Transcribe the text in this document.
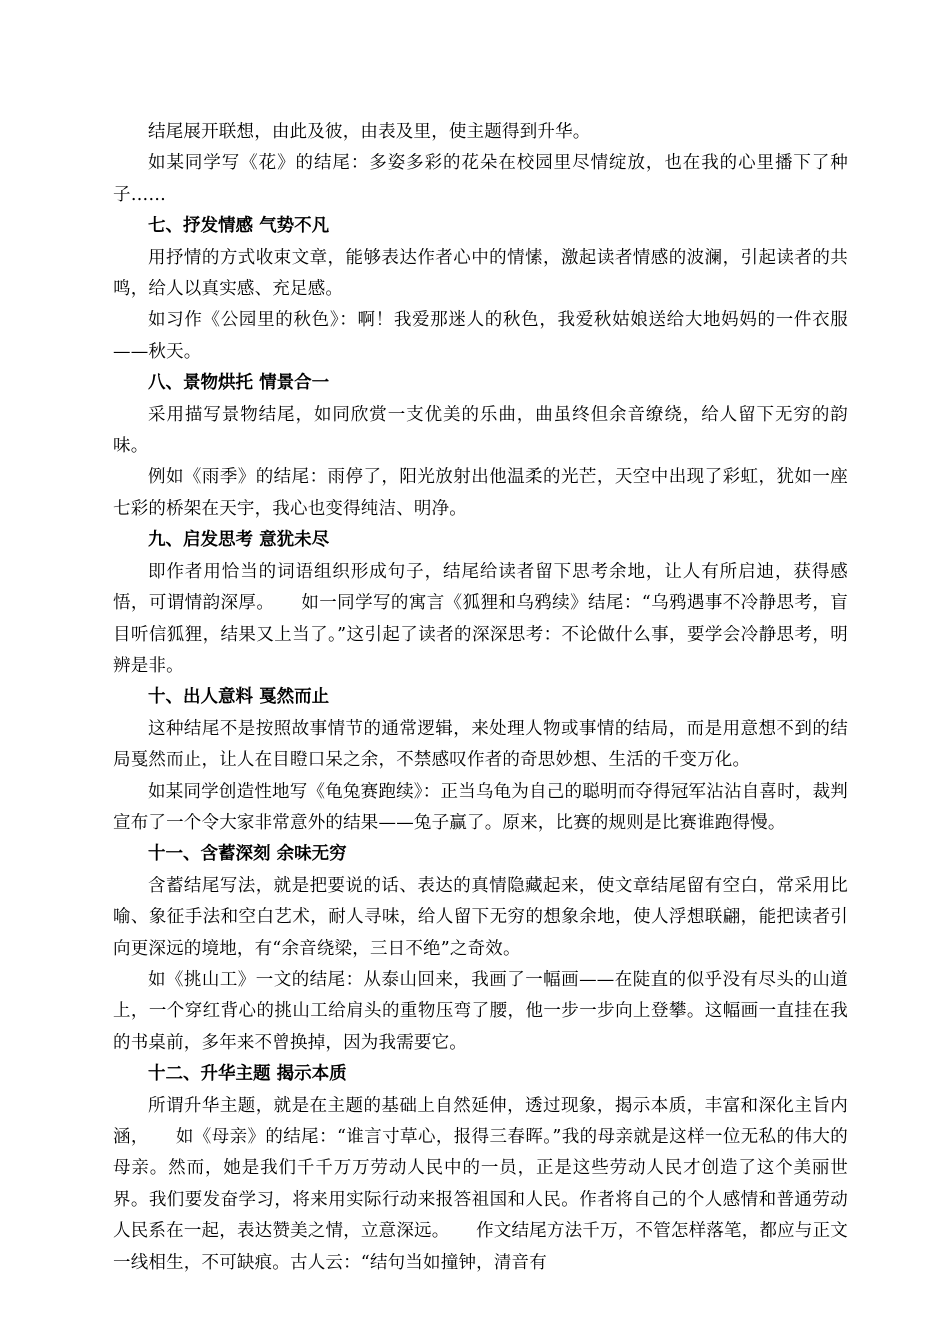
结尾展开联想，由此及彼，由表及里，使主题得到升华。

如某同学写《花》的结尾：多姿多彩的花朵在校园里尽情绽放，也在我的心里播下了种子……

七、抒发情感 气势不凡

用抒情的方式收束文章，能够表达作者心中的情愫，激起读者情感的波澜，引起读者的共鸣，给人以真实感、充足感。

如习作《公园里的秋色》：啊！我爱那迷人的秋色，我爱秋姑娘送给大地妈妈的一件衣服——秋天。

八、景物烘托 情景合一

采用描写景物结尾，如同欣赏一支优美的乐曲，曲虽终但余音缭绕，给人留下无穷的韵味。

例如《雨季》的结尾：雨停了，阳光放射出他温柔的光芒，天空中出现了彩虹，犹如一座七彩的桥架在天宇，我心也变得纯洁、明净。

九、启发思考 意犹未尽

即作者用恰当的词语组织形成句子，结尾给读者留下思考余地，让人有所启迪，获得感悟，可谓情韵深厚。　　如一同学写的寓言《狐狸和乌鸦续》结尾：“乌鸦遇事不冷静思考，盲目听信狐狸，结果又上当了。”这引起了读者的深深思考：不论做什么事，要学会冷静思考，明辨是非。

十、出人意料 戛然而止

这种结尾不是按照故事情节的通常逻辑，来处理人物或事情的结局，而是用意想不到的结局戛然而止，让人在目瞪口呆之余，不禁感叹作者的奇思妙想、生活的千变万化。

如某同学创造性地写《龟兔赛跑续》：正当乌龟为自己的聪明而夺得冠军沾沾自喜时，裁判宣布了一个令大家非常意外的结果——兔子赢了。原来，比赛的规则是比赛谁跑得慢。

十一、含蓄深刻 余味无穷

含蓄结尾写法，就是把要说的话、表达的真情隐藏起来，使文章结尾留有空白，常采用比喻、象征手法和空白艺术，耐人寻味，给人留下无穷的想象余地，使人浮想联翩，能把读者引向更深远的境地，有“余音绕梁，三日不绝”之奇效。

如《挑山工》一文的结尾：从泰山回来，我画了一幅画——在陡直的似乎没有尽头的山道上，一个穿红背心的挑山工给肩头的重物压弯了腰，他一步一步向上登攀。这幅画一直挂在我的书桌前，多年来不曾换掉，因为我需要它。

十二、升华主题 揭示本质

所谓升华主题，就是在主题的基础上自然延伸，透过现象，揭示本质，丰富和深化主旨内涵，　　如《母亲》的结尾：“谁言寸草心，报得三春晖。”我的母亲就是这样一位无私的伟大的母亲。然而，她是我们千千万万劳动人民中的一员，正是这些劳动人民才创造了这个美丽世界。我们要发奋学习，将来用实际行动来报答祖国和人民。作者将自己的个人感情和普通劳动人民系在一起，表达赞美之情，立意深远。　　作文结尾方法千万，不管怎样落笔，都应与正文一线相生，不可缺痕。古人云：“结句当如撞钟，清音有
